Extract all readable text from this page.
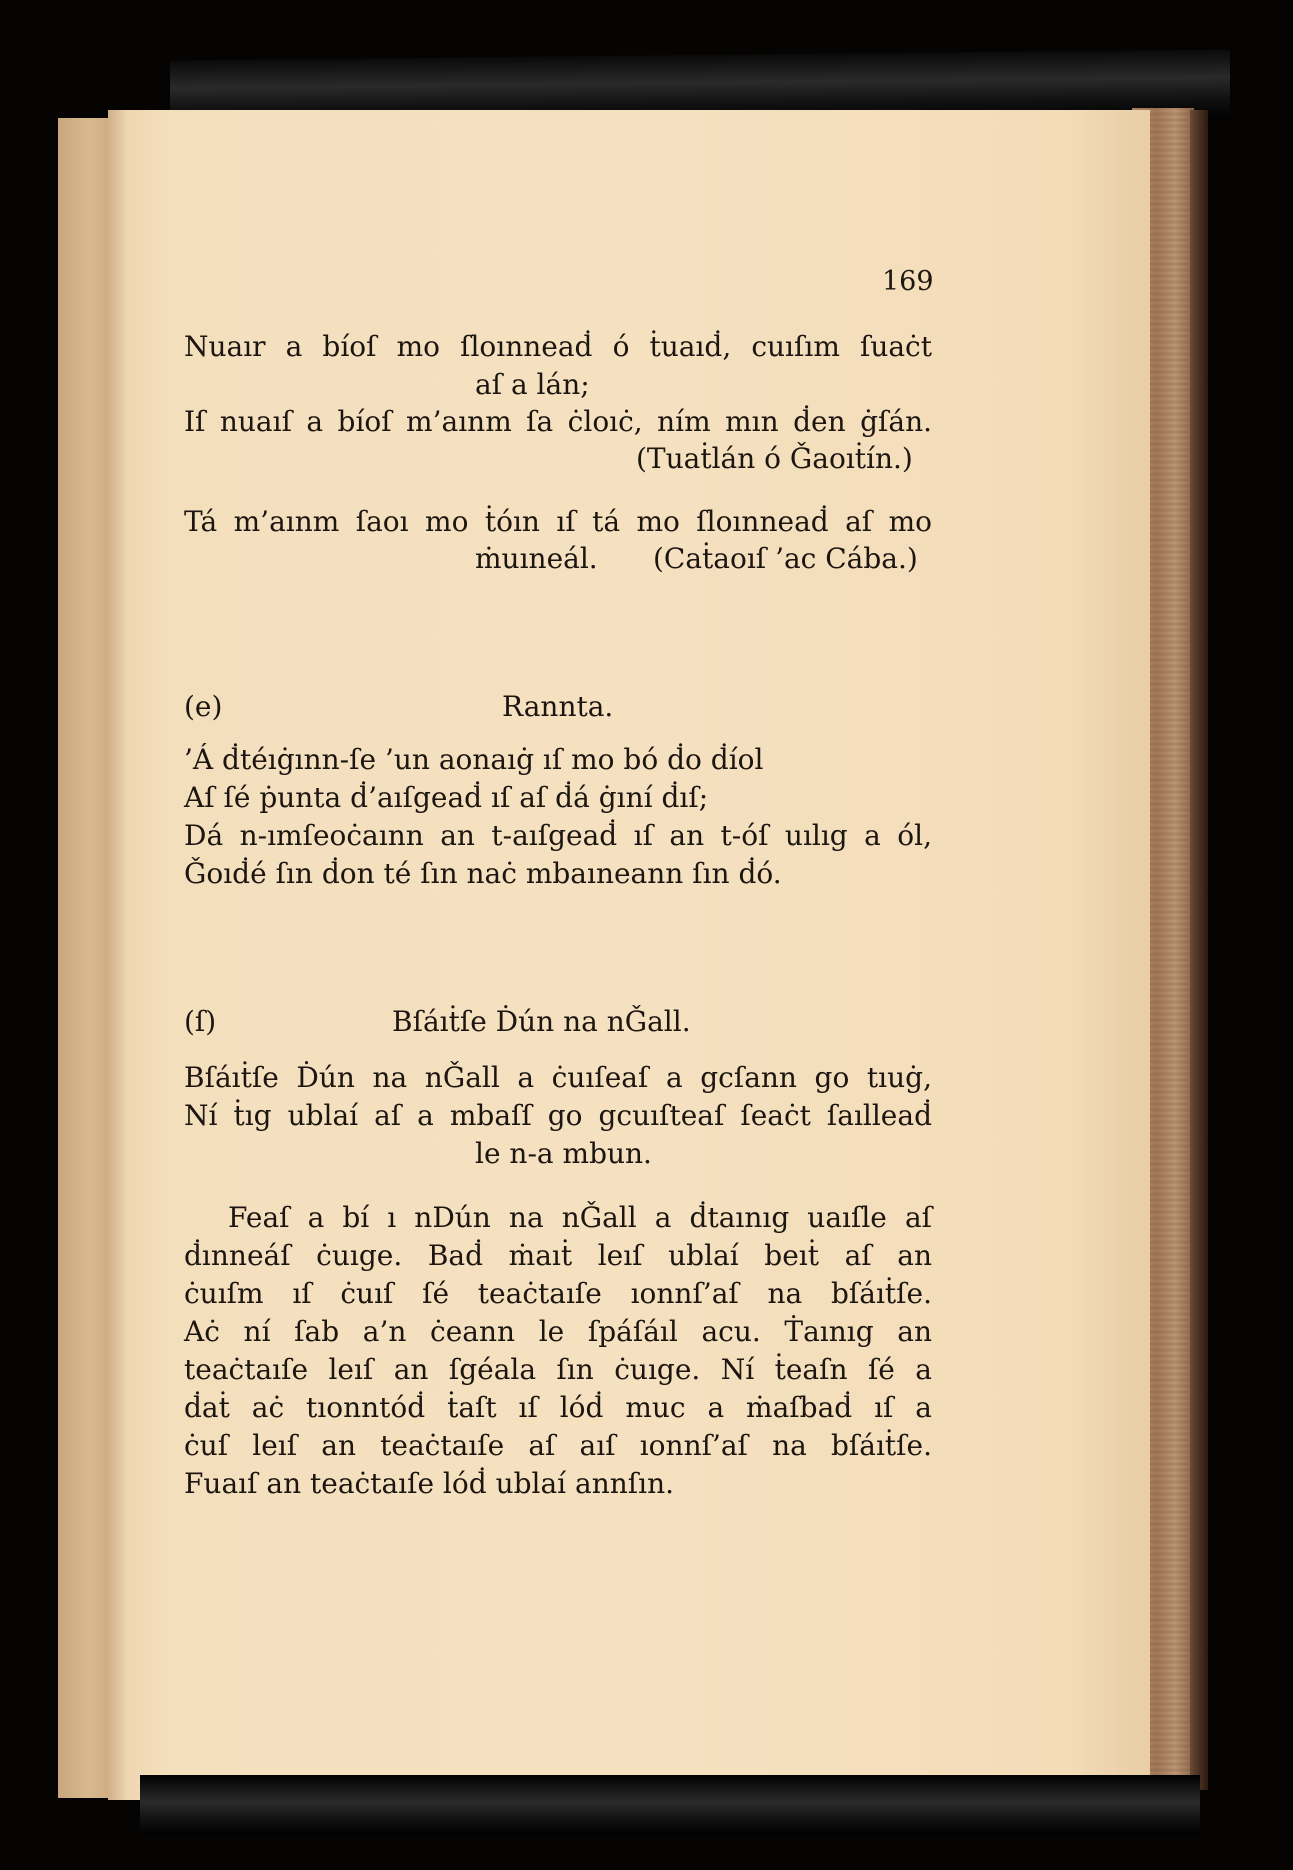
169
Nuaır a bíoſ mo ſloınneaḋ ó ṫuaıḋ, cuıſım ſuaċt
aſ a lán;
Iſ nuaıſ a bíoſ m’aınm ſa ċloıċ, ním mın ḋen ġſán.
(Tuaṫlán ó Ǧaoıṫín.)
Tá m’aınm ſaoı mo ṫóın ıſ tá mo ſloınneaḋ aſ mo
ṁuıneál. (Caṫaoıſ ’ac Cába.)
(e)	Rannta.
’Á ḋtéıġınn-ſe ’un aonaıġ ıſ mo bó ḋo ḋíol
Aſ ſé ṗunta ḋ’aıſgeaḋ ıſ aſ ḋá ġıní ḋıſ;
Dá n-ımſeoċaınn an t-aıſgeaḋ ıſ an t-óſ uılıg a ól,
Ǧoıḋé ſın ḋon té ſın naċ mbaıneann ſın ḋó.
(ſ)	Bſáıṫſe Ḋún na nǦall.
Bſáıṫſe Ḋún na nǦall a ċuıſeaſ a gcſann go tıuġ,
Ní ṫıg ublaí aſ a mbaſſ go gcuıſteaſ ſeaċt ſaılleaḋ
le n-a mbun.
Feaſ a bí ı nDún na nǦall a ḋtaınıg uaıſle aſ
ḋınneáſ ċuıge. Baḋ ṁaıṫ leıſ ublaí beıṫ aſ an
ċuıſm ıſ ċuıſ ſé teaċtaıſe ıonnſ’aſ na bſáıṫſe.
Aċ ní ſab a’n ċeann le ſpáſáıl acu. Ṫaınıg an
teaċtaıſe leıſ an ſgéala ſın ċuıge. Ní ṫeaſn ſé a
ḋaṫ aċ tıonntóḋ ṫaſt ıſ lóḋ muc a ṁaſbaḋ ıſ a
ċuſ leıſ an teaċtaıſe aſ aıſ ıonnſ’aſ na bſáıṫſe.
Fuaıſ an teaċtaıſe lóḋ ublaí annſın.
